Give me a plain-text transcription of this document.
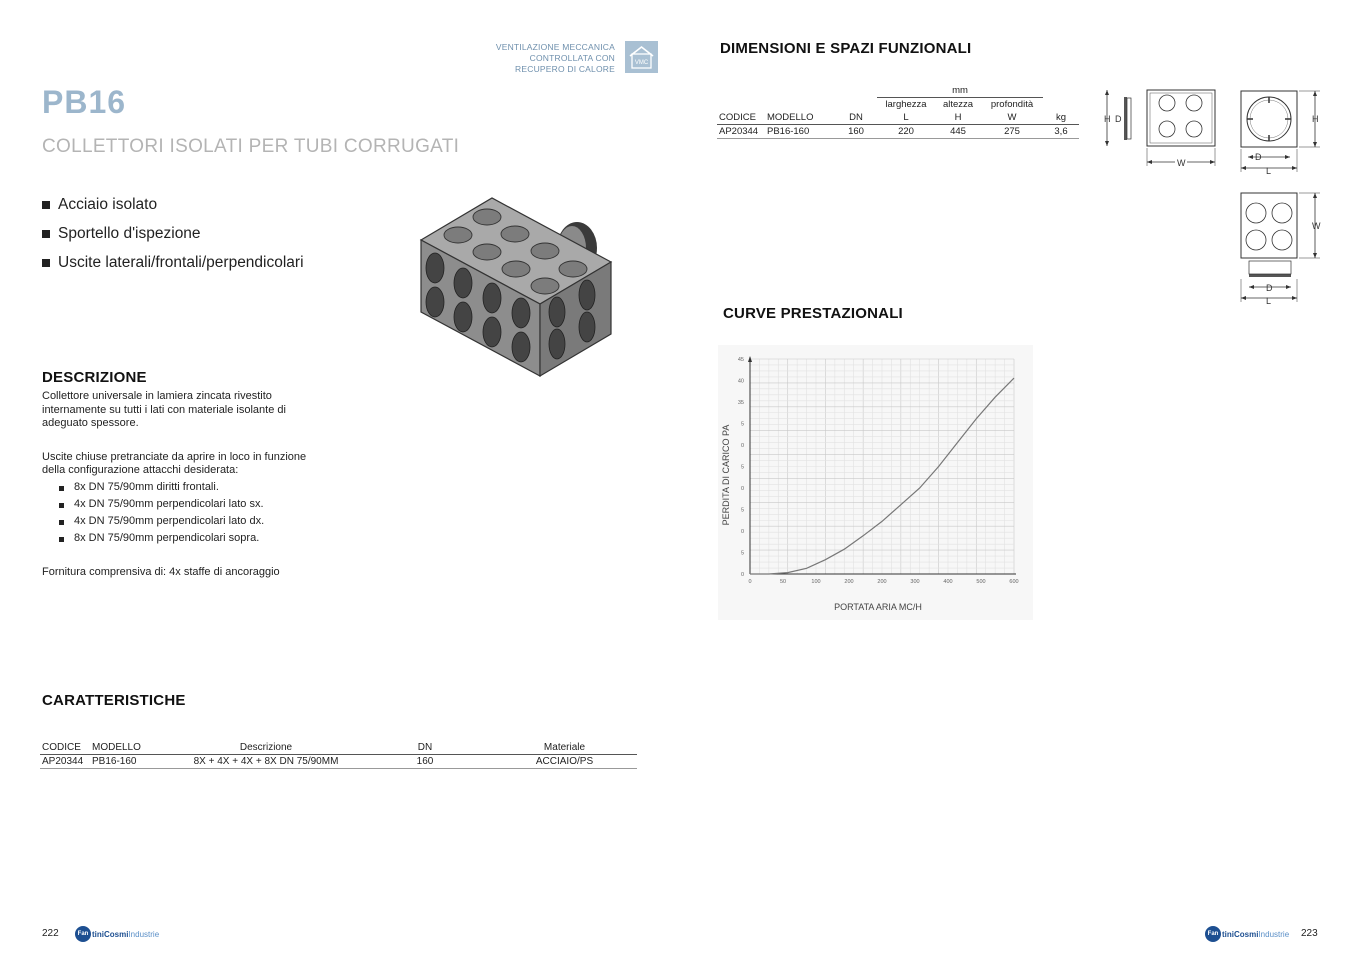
VENTILAZIONE MECCANICA
CONTROLLATA CON
RECUPERO DI CALORE
VMC
PB16
COLLETTORI ISOLATI PER TUBI CORRUGATI
Acciaio isolato
Sportello d'ispezione
Uscite laterali/frontali/perpendicolari
DESCRIZIONE

Collettore universale in lamiera zincata rivestito

internamente su tutti i lati con materiale isolante di

adeguato spessore.

Uscite chiuse pretranciate da aprire in loco in funzione

della configurazione attacchi desiderata:

8x DN 75/90mm diritti frontali.
4x DN 75/90mm perpendicolari lato sx.
4x DN 75/90mm perpendicolari lato dx.
8x DN 75/90mm perpendicolari sopra.

Fornitura comprensiva di: 4x staffe di ancoraggio

CARATTERISTICHE
CODICE	MODELLO	Descrizione	DN	Materiale
AP20344	PB16-160	8X + 4X + 4X + 8X DN 75/90MM	160	ACCIAIO/PS
222	Fan tiniCosmiIndustrie
DIMENSIONI E SPAZI FUNZIONALI
			mm			
			larghezza	altezza	profondità	
CODICE	MODELLO	DN	L	H	W	kg
AP20344	PB16-160	160	220	445	275	3,6
H D
W
H
D
L
W
D
L
CURVE PRESTAZIONALI
0
5
0
5
0
5
0
5
35
40
45
0	50	100	200	200	300	400	500	600
PERDITA DI CARICO PA
PORTATA ARIA MC/H
Fan tiniCosmiIndustrie 223
